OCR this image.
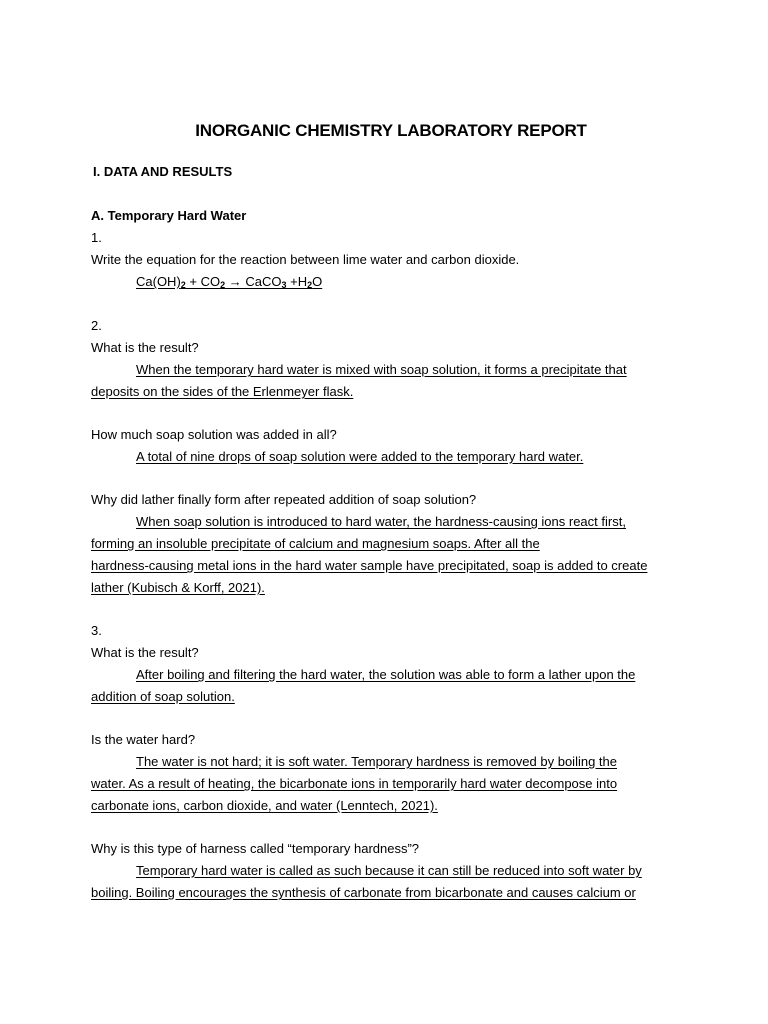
INORGANIC CHEMISTRY LABORATORY REPORT
I. DATA AND RESULTS
A. Temporary Hard Water
1.
Write the equation for the reaction between lime water and carbon dioxide.
$Ca(OH)_2 + CO_2$ → CaCO$_3$ $+H_2O$
2.
What is the result?
When the temporary hard water is mixed with soap solution, it forms a precipitate that
deposits on the sides of the Erlenmeyer flask.
How much soap solution was added in all?
A total of nine drops of soap solution were added to the temporary hard water.
Why did lather finally form after repeated addition of soap solution?
When soap solution is introduced to hard water, the hardness-causing ions react first,
forming an insoluble precipitate of calcium and magnesium soaps. After all the
hardness-causing metal ions in the hard water sample have precipitated, soap is added to create
lather (Kubisch & Korff, 2021).
3.
What is the result?
After boiling and filtering the hard water, the solution was able to form a lather upon the
addition of soap solution.
Is the water hard?
The water is not hard; it is soft water. Temporary hardness is removed by boiling the
water. As a result of heating, the bicarbonate ions in temporarily hard water decompose into
carbonate ions, carbon dioxide, and water (Lenntech, 2021).
Why is this type of harness called “temporary hardness”?
Temporary hard water is called as such because it can still be reduced into soft water by
boiling. Boiling encourages the synthesis of carbonate from bicarbonate and causes calcium or
